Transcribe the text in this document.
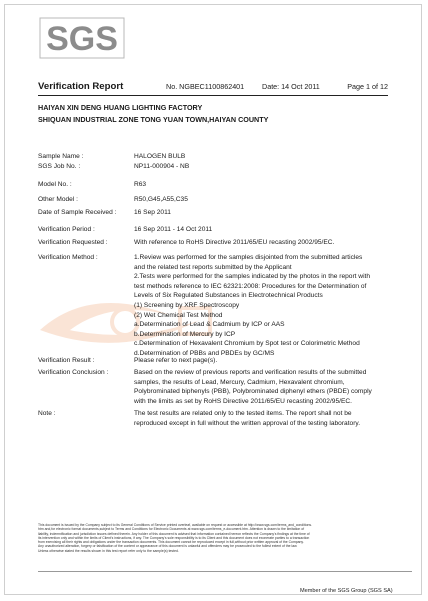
SGS
Verification Report	No. NGBEC1100862401	Date: 14 Oct 2011	Page 1 of 12
HAIYAN XIN DENG HUANG LIGHTING FACTORY
SHIQUAN INDUSTRIAL ZONE TONG YUAN TOWN,HAIYAN COUNTY
Sample Name :	HALOGEN BULB
SGS Job No. :	NP11-000904 - NB
Model No. :	R63
Other Model :	R50,G45,A55,C35
Date of Sample Received :	16 Sep 2011
Verification Period :	16 Sep 2011 - 14 Oct 2011
Verification Requested :	With reference to RoHS Directive 2011/65/EU recasting 2002/95/EC.
Verification Method :	1.Review was performed for the samples disjointed from the submitted articles
and the related test reports submitted by the Applicant
2.Tests were performed for the samples indicated by the photos in the report with
test methods reference to IEC 62321:2008: Procedures for the Determination of
Levels of Six Regulated Substances in Electrotechnical Products
(1) Screening by XRF Spectroscopy
(2) Wet Chemical Test Method
a.Determination of Lead & Cadmium by ICP or AAS
b.Determination of Mercury by ICP
c.Determination of Hexavalent Chromium by Spot test or Colorimetric Method
d.Determination of PBBs and PBDEs by GC/MS
Verification Result :	Please refer to next page(s).
Verification Conclusion :	Based on the review of previous reports and verification results of the submitted
samples, the results of Lead, Mercury, Cadmium, Hexavalent chromium,
Polybrominated biphenyls (PBB), Polybrominated diphenyl ethers (PBDE) comply
with the limits as set by RoHS Directive 2011/65/EU recasting 2002/95/EC.
Note :	The test results are related only to the tested items. The report shall not be
reproduced except in full without the written approval of the testing laboratory.
This document is issued by the Company subject to its General Conditions of Service printed overleaf, available on request or accessible at http://www.sgs.com/terms_and_conditions.
htm and,for electronic format documents,subject to Terms and Conditions for Electronic Documents at www.sgs.com/terms_e-document.htm. Attention is drawn to the limitation of
liability, indemnification and jurisdiction issues defined therein. Any holder of this document is advised that information contained hereon reflects the Company's findings at the time of
its intervention only and within the limits of Client's instructions, if any. The Company's sole responsibility is to its Client and this document does not exonerate parties to a transaction
from exercising all their rights and obligations under the transaction documents. This document cannot be reproduced except in full,without prior written approval of the Company.
Any unauthorized alteration, forgery or falsification of the content or appearance of this document is unlawful and offenders may be prosecuted to the fullest extent of the law.
Unless otherwise stated the results shown in this test report refer only to the sample(s) tested.
Member of the SGS Group (SGS SA)
